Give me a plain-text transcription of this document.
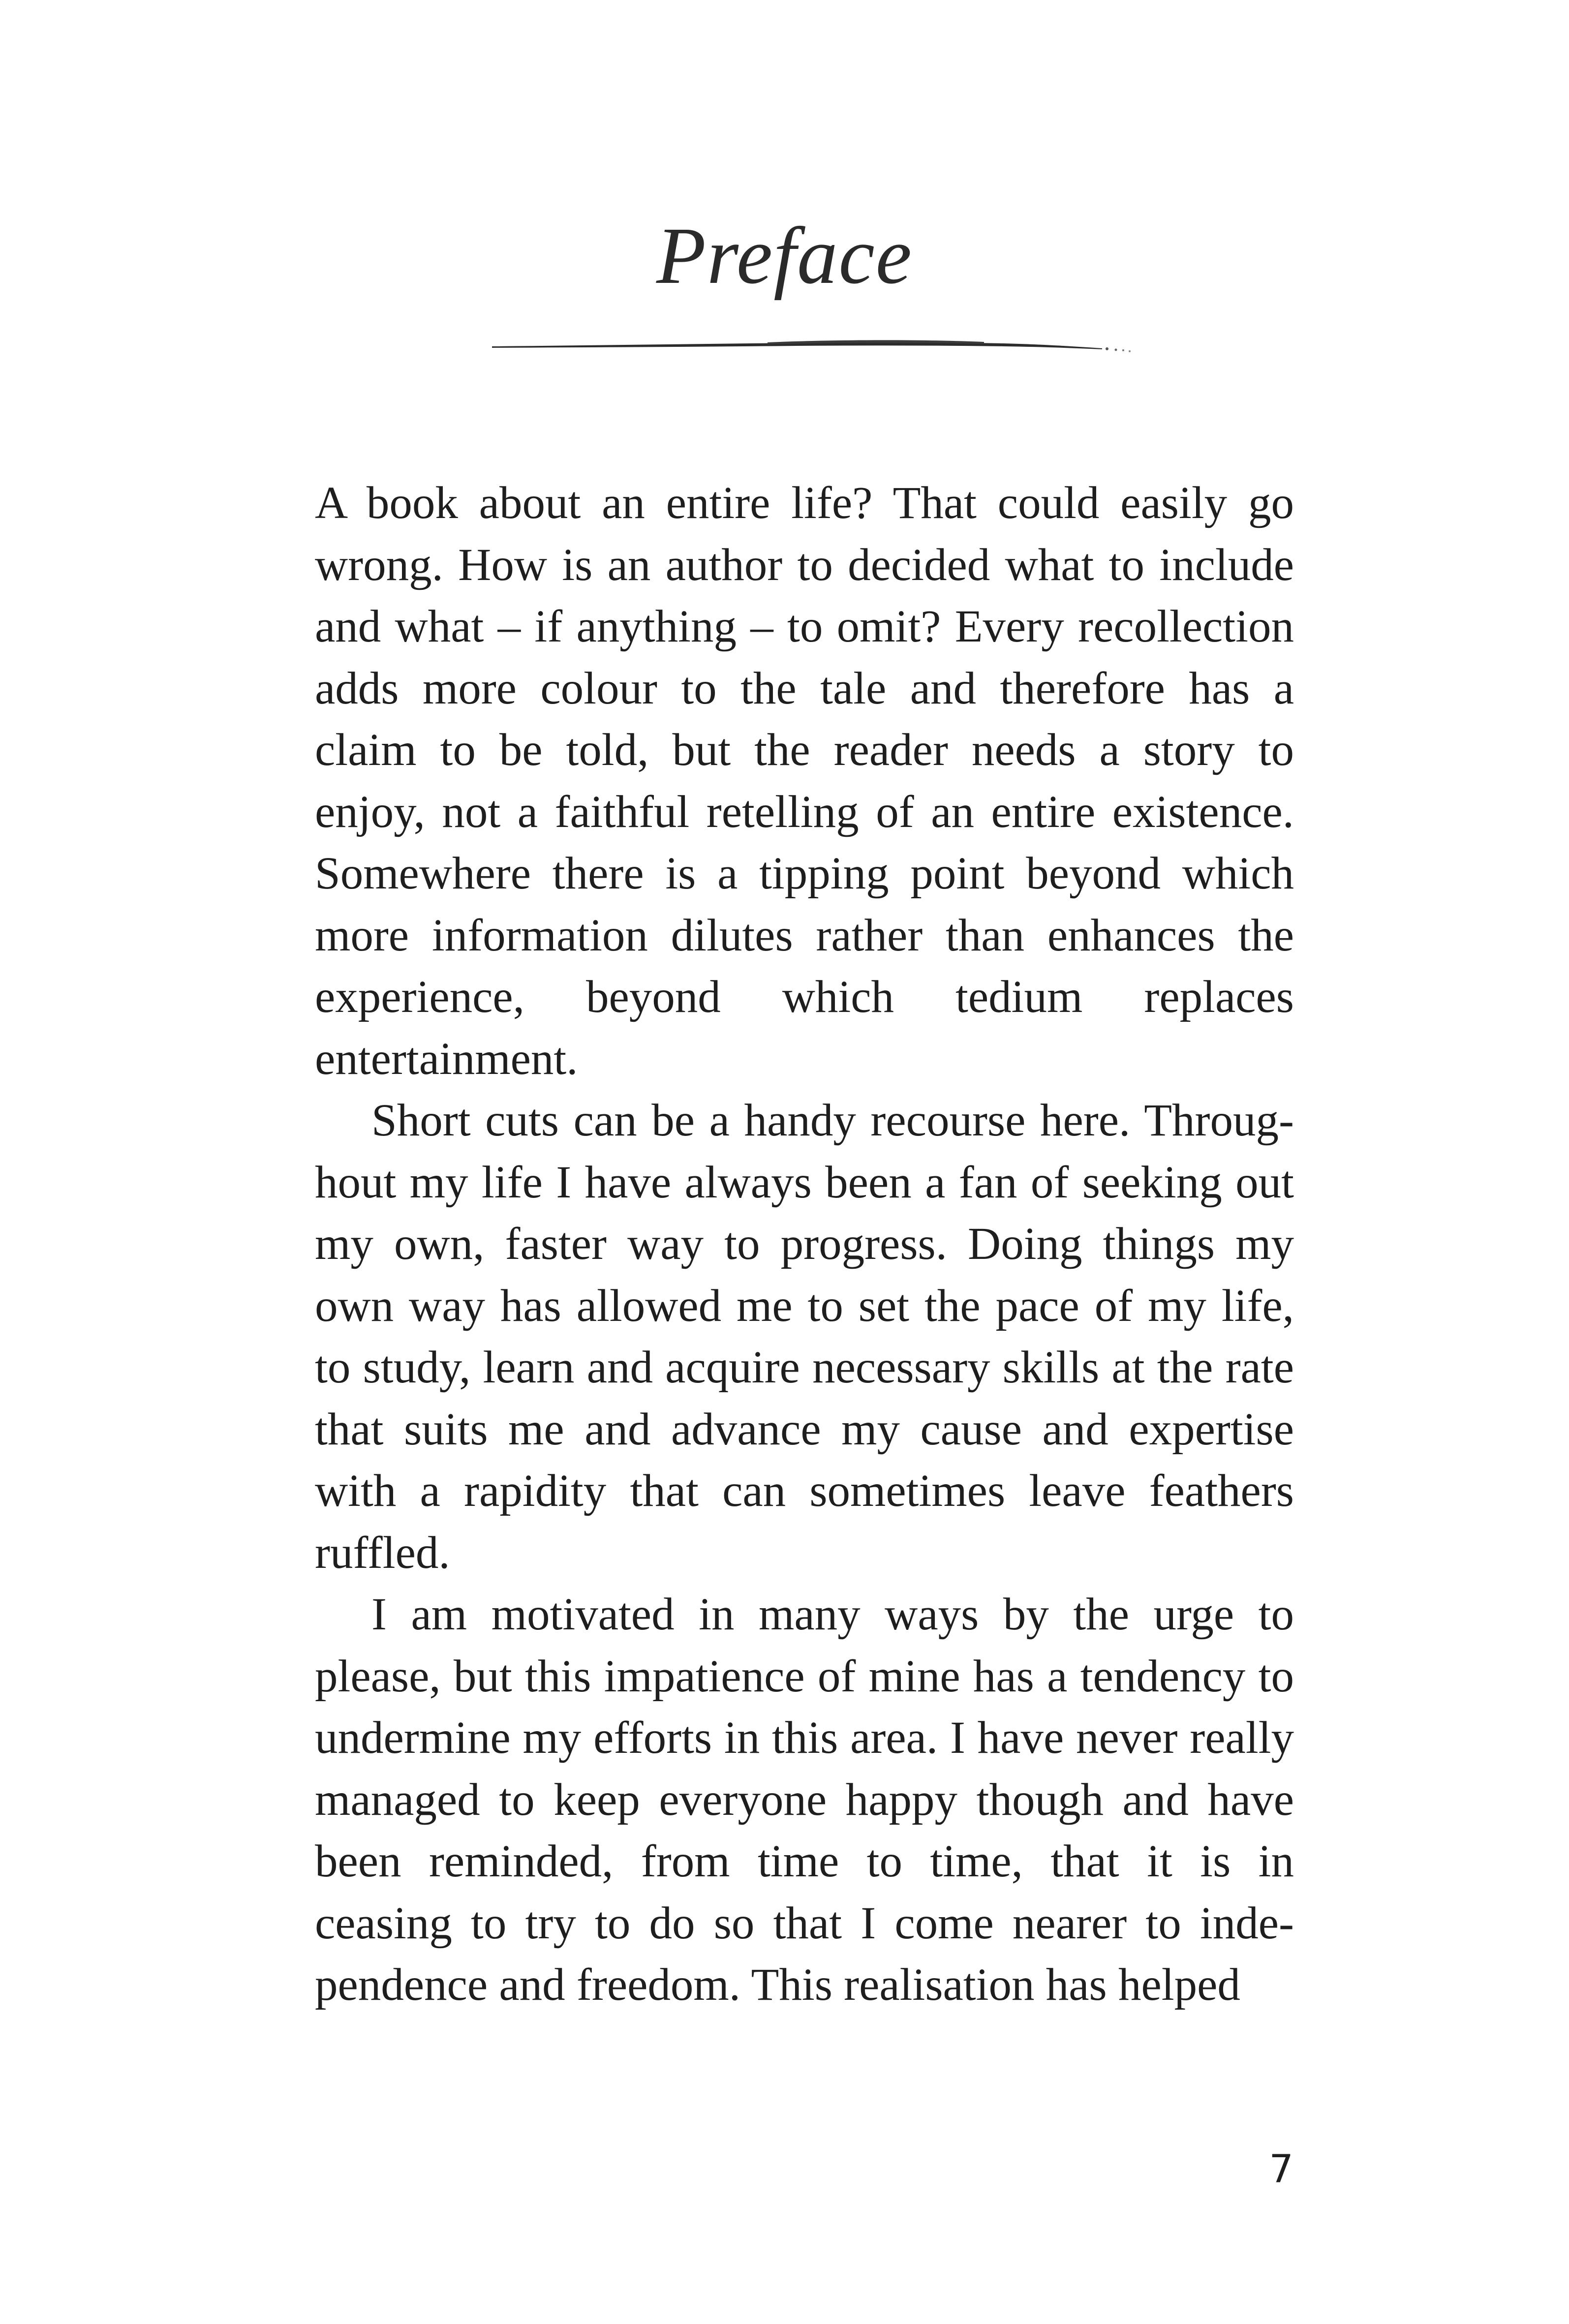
Preface

A book about an entire life? That could easily go wrong. How is an author to decided what to include and what – if anything – to omit? Every recollection adds more colour to the tale and therefore has a claim to be told, but the reader needs a story to enjoy, not a faithful retelling of an entire existence. Somewhere there is a tipping point beyond which more information dilutes rather than enhances the experience, beyond which tedium replaces entertainment.

Short cuts can be a handy recourse here. Throughout my life I have always been a fan of seeking out my own, faster way to progress. Doing things my own way has allowed me to set the pace of my life, to study, learn and acquire necessary skills at the rate that suits me and advance my cause and expertise with a rapidity that can sometimes leave feathers ruffled.

I am motivated in many ways by the urge to please, but this impatience of mine has a tendency to undermine my efforts in this area. I have never really managed to keep everyone happy though and have been reminded, from time to time, that it is in ceasing to try to do so that I come nearer to independence and freedom. This realisation has helped

7
